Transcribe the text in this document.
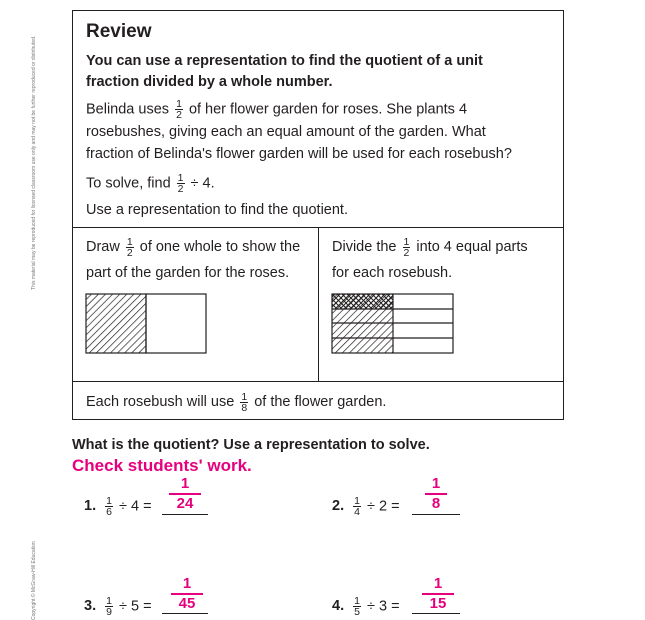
This material may be reproduced for licensed classroom use only and may not be further reproduced or distributed.
Copyright © McGraw-Hill Education
Review
You can use a representation to find the quotient of a unit
fraction divided by a whole number.
Belinda uses $\frac{1}{2}$ of her flower garden for roses. She plants 4
rosebushes, giving each an equal amount of the garden. What
fraction of Belinda's flower garden will be used for each rosebush?
To solve, find $\frac{1}{2} \div 4$.
Use a representation to find the quotient.
Draw $\frac{1}{2}$ of one whole to show the
part of the garden for the roses.
Divide the $\frac{1}{2}$ into 4 equal parts
for each rosebush.
Each rosebush will use $\frac{1}{8}$ of the flower garden.
What is the quotient? Use a representation to solve.
Check students' work.
1. $\frac{1}{6} \div 4 = \frac{1}{24}$	2. $\frac{1}{4} \div 2 = \frac{1}{8}$
3. $\frac{1}{9} \div 5 = \frac{1}{45}$	4. $\frac{1}{5} \div 3 = \frac{1}{15}$
